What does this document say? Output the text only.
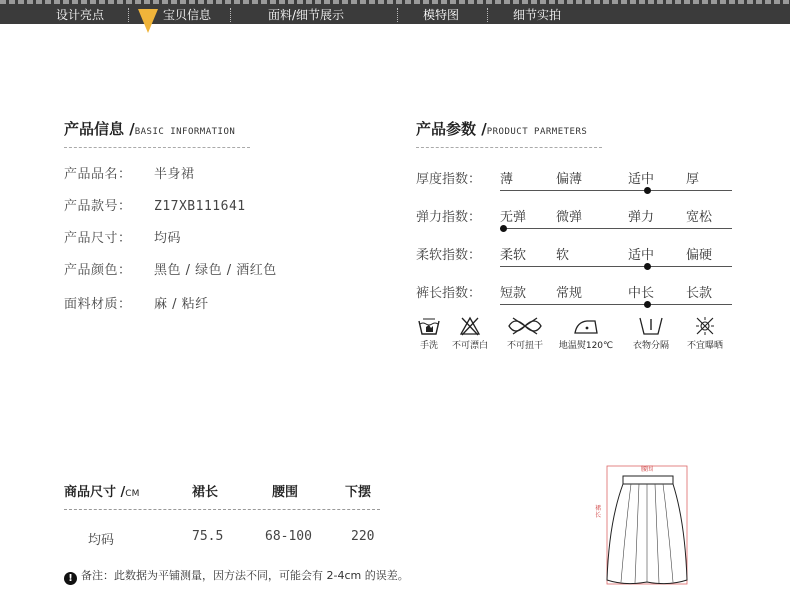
设计亮点	宝贝信息	面料/细节展示	模特图	细节实拍
产品信息 /BASIC INFORMATION
产品品名： 半身裙
产品款号： Z17XB111641
产品尺寸： 均码
产品颜色： 黑色 / 绿色 / 酒红色
面料材质： 麻 / 粘纤
产品参数 /PRODUCT PARMETERS
厚度指数： 薄	偏薄	适中 厚
弹力指数： 无弹 微弹	弹力 宽松
柔软指数： 柔软 软	适中 偏硬
裤长指数： 短款 常规	中长 长款
手洗	不可漂白	不可扭干	地温熨120℃	衣物分隔	不宜曝晒
商品尺寸 /CM	裙长	腰围	下摆
均码	75.5	68-100	220
! 备注：此数据为平铺测量，因方法不同，可能会有 2-4cm 的误差。
腰围
裙长
